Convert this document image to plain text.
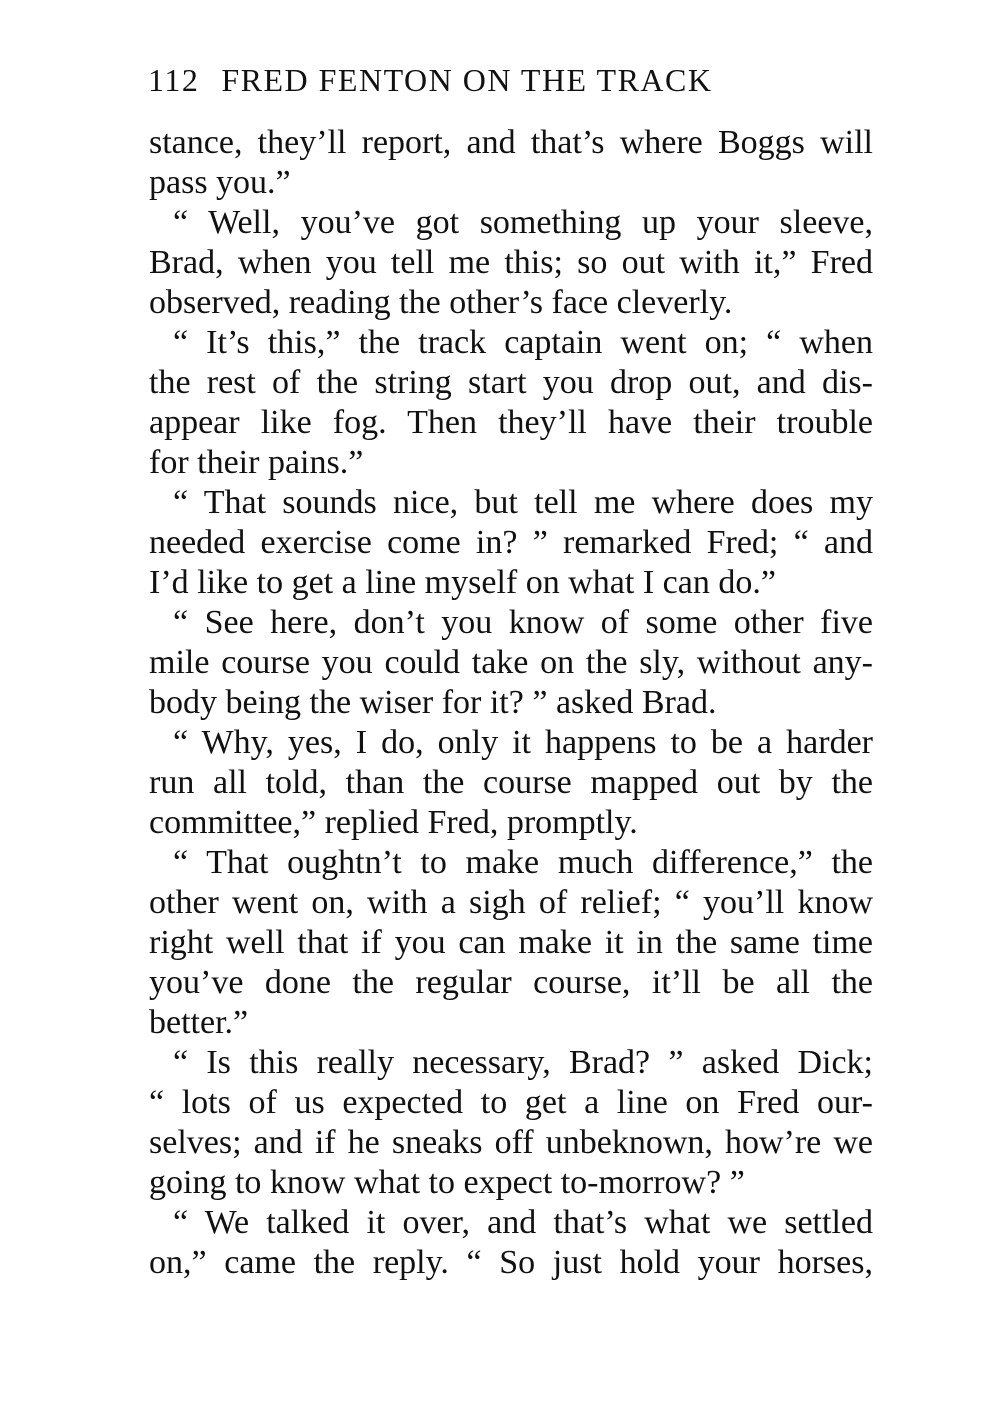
112 FRED FENTON ON THE TRACK
stance, they’ll report, and that’s where Boggs will
pass you.”
“ Well, you’ve got something up your sleeve,
Brad, when you tell me this; so out with it,” Fred
observed, reading the other’s face cleverly.
“ It’s this,” the track captain went on; “ when
the rest of the string start you drop out, and dis-
appear like fog. Then they’ll have their trouble
for their pains.”
“ That sounds nice, but tell me where does my
needed exercise come in? ” remarked Fred; “ and
I’d like to get a line myself on what I can do.”
“ See here, don’t you know of some other five
mile course you could take on the sly, without any-
body being the wiser for it? ” asked Brad.
“ Why, yes, I do, only it happens to be a harder
run all told, than the course mapped out by the
committee,” replied Fred, promptly.
“ That oughtn’t to make much difference,” the
other went on, with a sigh of relief; “ you’ll know
right well that if you can make it in the same time
you’ve done the regular course, it’ll be all the
better.”
“ Is this really necessary, Brad? ” asked Dick;
“ lots of us expected to get a line on Fred our-
selves; and if he sneaks off unbeknown, how’re we
going to know what to expect to-morrow? ”
“ We talked it over, and that’s what we settled
on,” came the reply. “ So just hold your horses,
